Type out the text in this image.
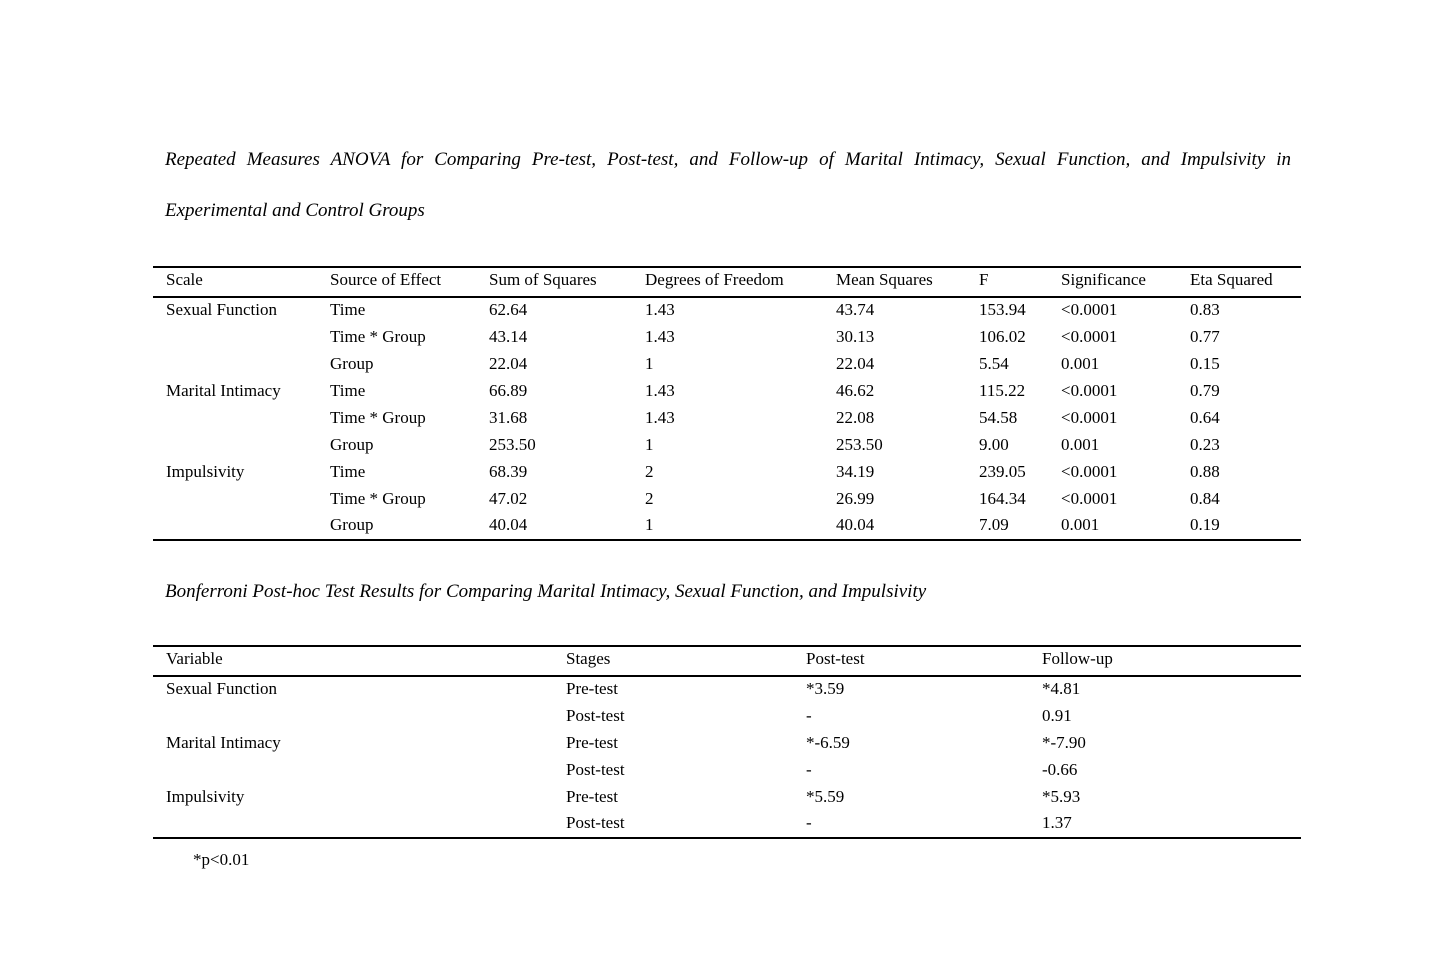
Repeated Measures ANOVA for Comparing Pre-test, Post-test, and Follow-up of Marital Intimacy, Sexual Function, and Impulsivity in Experimental and Control Groups
Scale	Source of Effect	Sum of Squares	Degrees of Freedom	Mean Squares	F	Significance	Eta Squared
Sexual Function	Time	62.64	1.43	43.74	153.94	<0.0001	0.83
	Time * Group	43.14	1.43	30.13	106.02	<0.0001	0.77
	Group	22.04	1	22.04	5.54	0.001	0.15
Marital Intimacy	Time	66.89	1.43	46.62	115.22	<0.0001	0.79
	Time * Group	31.68	1.43	22.08	54.58	<0.0001	0.64
	Group	253.50	1	253.50	9.00	0.001	0.23
Impulsivity	Time	68.39	2	34.19	239.05	<0.0001	0.88
	Time * Group	47.02	2	26.99	164.34	<0.0001	0.84
	Group	40.04	1	40.04	7.09	0.001	0.19
Bonferroni Post-hoc Test Results for Comparing Marital Intimacy, Sexual Function, and Impulsivity
Variable	Stages	Post-test	Follow-up
Sexual Function	Pre-test	*3.59	*4.81
	Post-test	-	0.91
Marital Intimacy	Pre-test	*-6.59	*-7.90
	Post-test	-	-0.66
Impulsivity	Pre-test	*5.59	*5.93
	Post-test	-	1.37
*p<0.01
